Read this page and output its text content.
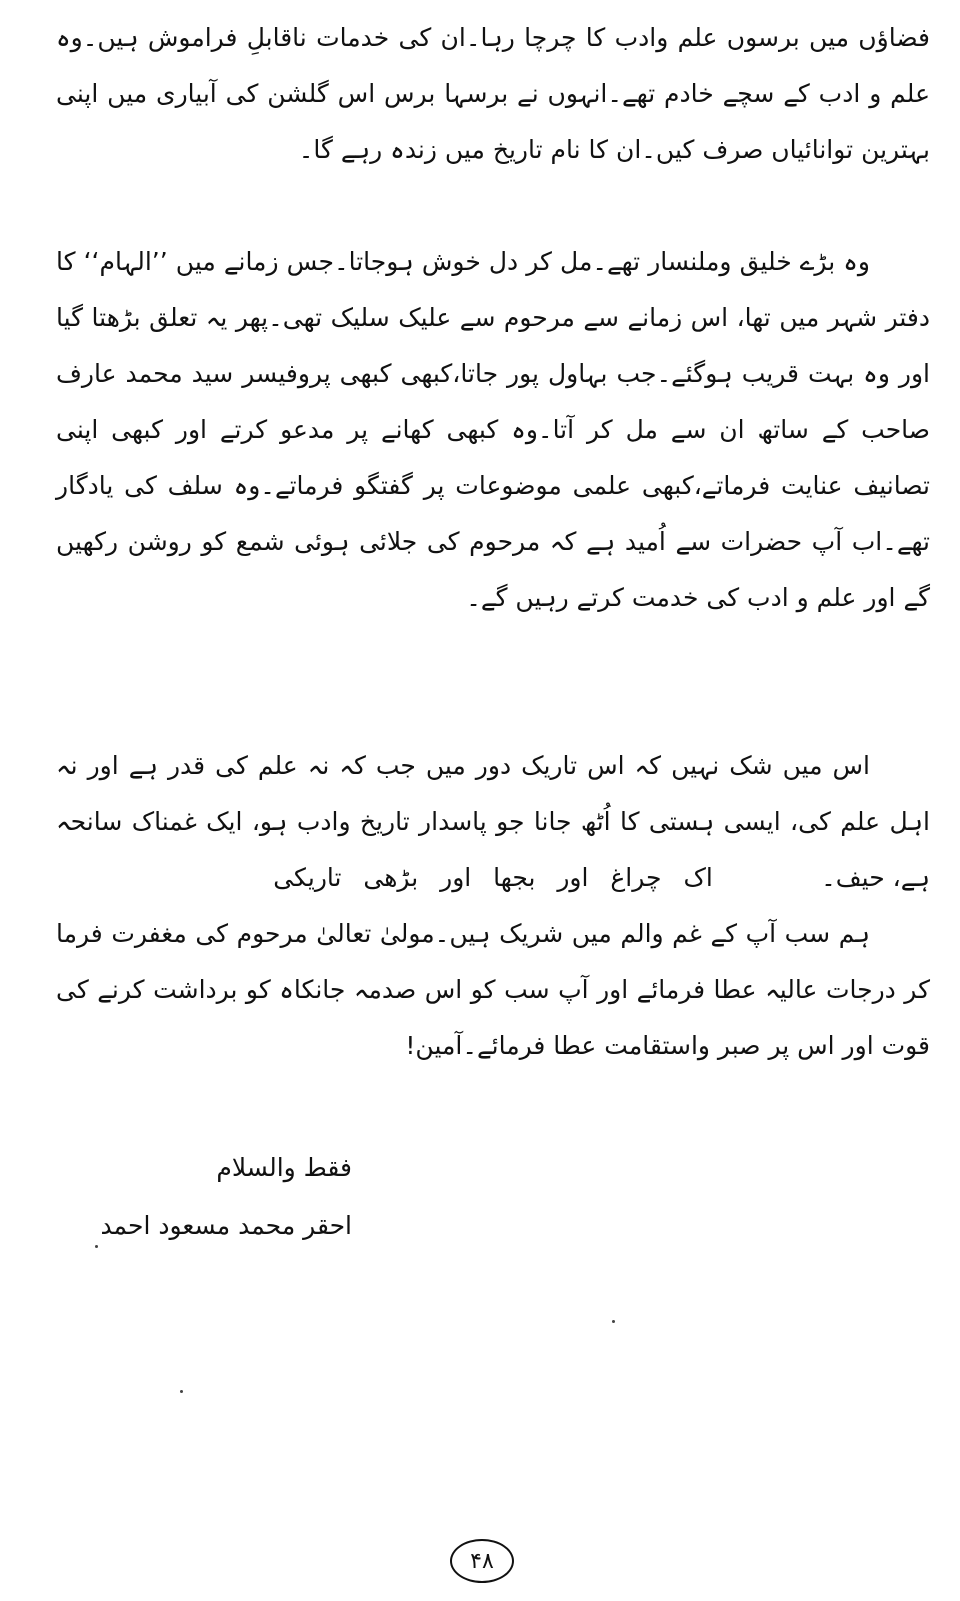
فضاؤں میں برسوں علم وادب کا چرچا رہا۔ان کی خدمات ناقابلِ فراموش ہیں۔وہ علم و ادب کے سچے خادم تھے۔انہوں نے برسہا برس اس گلشن کی آبیاری میں اپنی بہترین توانائیاں صرف کیں۔ان کا نام تاریخ میں زندہ رہے گا۔

وہ بڑے خلیق وملنسار تھے۔مل کر دل خوش ہوجاتا۔جس زمانے میں ’’الہام‘‘ کا دفتر شہر میں تھا، اس زمانے سے مرحوم سے علیک سلیک تھی۔پھر یہ تعلق بڑھتا گیا اور وہ بہت قریب ہوگئے۔جب بہاول پور جاتا،کبھی کبھی پروفیسر سید محمد عارف صاحب کے ساتھ ان سے مل کر آتا۔وہ کبھی کھانے پر مدعو کرتے اور کبھی اپنی تصانیف عنایت فرماتے،کبھی علمی موضوعات پر گفتگو فرماتے۔وہ سلف کی یادگار تھے۔اب آپ حضرات سے اُمید ہے کہ مرحوم کی جلائی ہوئی شمع کو روشن رکھیں گے اور علم و ادب کی خدمت کرتے رہیں گے۔

اس میں شک نہیں کہ اس تاریک دور میں جب کہ نہ علم کی قدر ہے اور نہ اہل علم کی، ایسی ہستی کا اُٹھ جانا جو پاسدار تاریخ وادب ہو، ایک غمناک سانحہ ہے، حیف۔

اک چراغ اور بجھا اور بڑھی تاریکی

ہم سب آپ کے غم والم میں شریک ہیں۔مولیٰ تعالیٰ مرحوم کی مغفرت فرما کر درجات عالیہ عطا فرمائے اور آپ سب کو اس صدمہ جانکاہ کو برداشت کرنے کی قوت اور اس پر صبر واستقامت عطا فرمائے۔آمین!

فقط والسلام

احقر محمد مسعود احمد

۴۸
